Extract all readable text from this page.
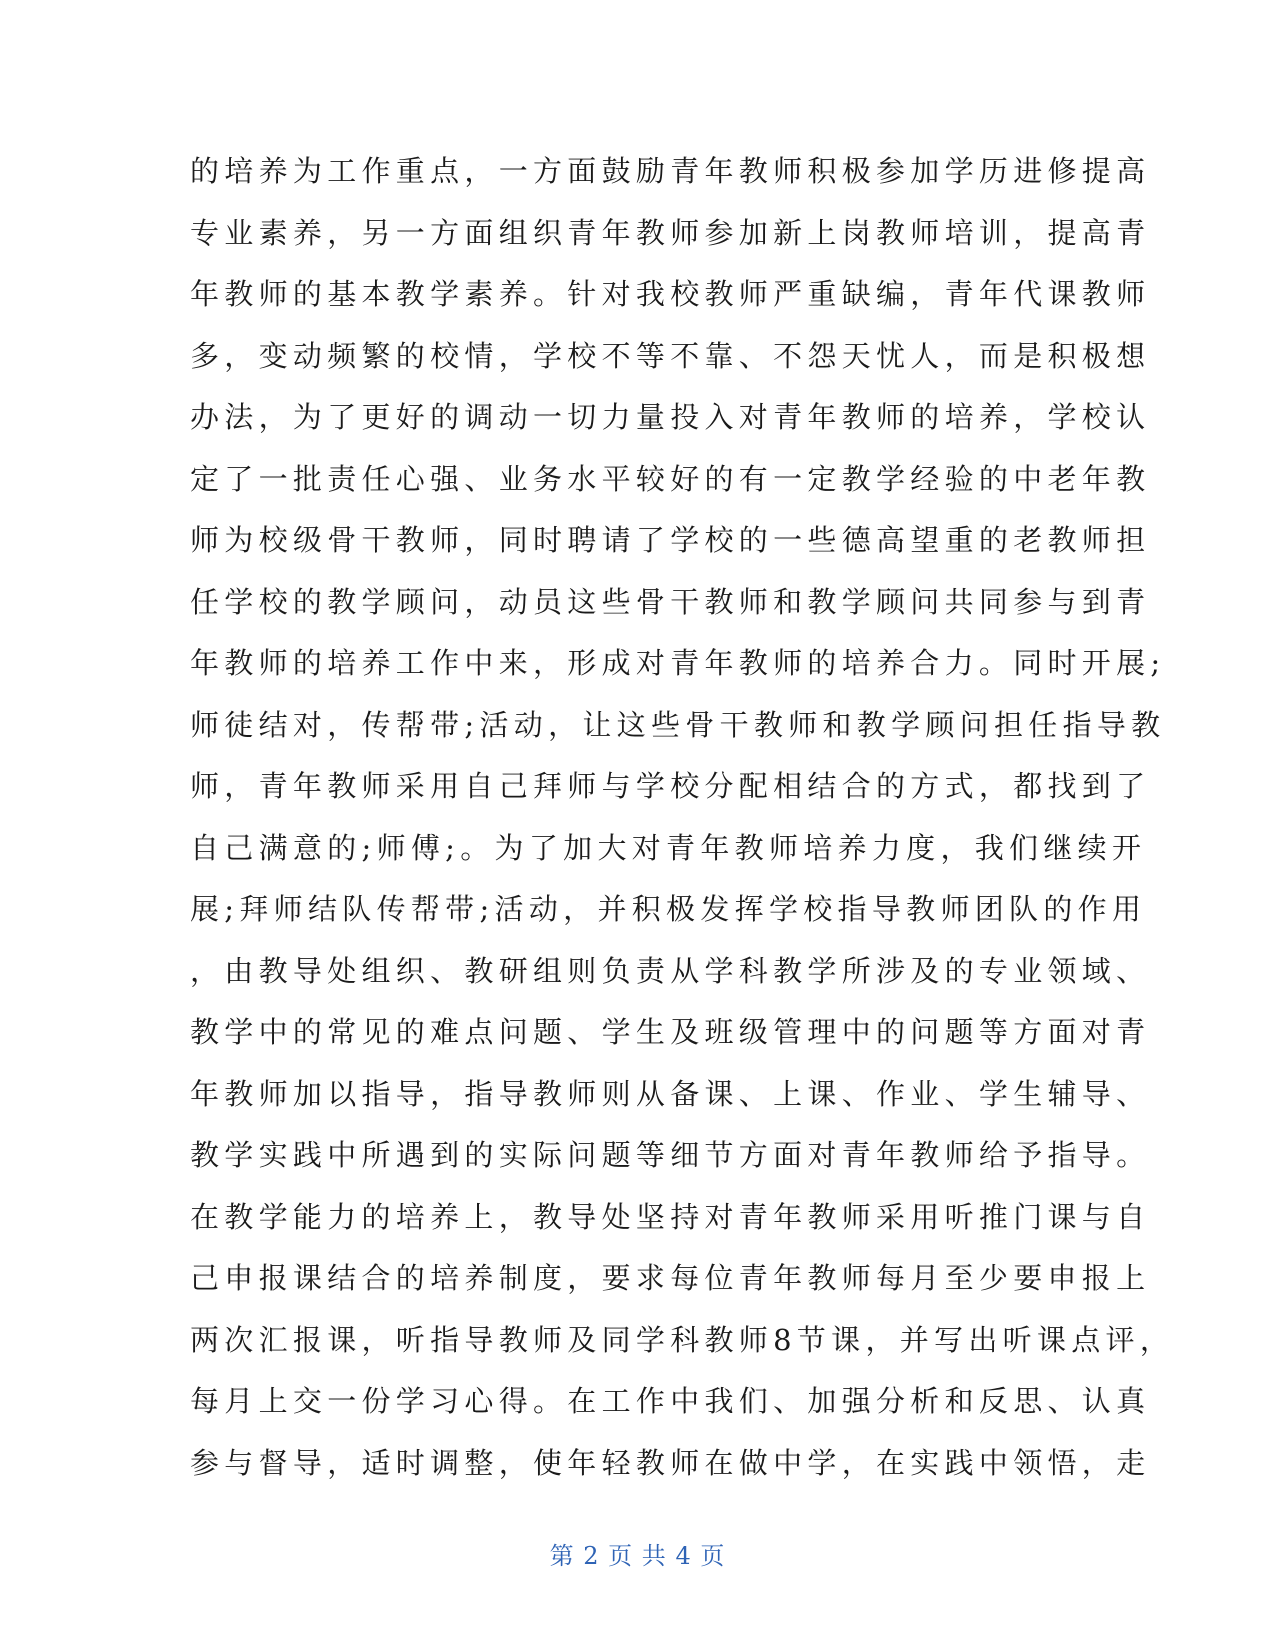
的培养为工作重点，一方面鼓励青年教师积极参加学历进修提高
专业素养，另一方面组织青年教师参加新上岗教师培训，提高青
年教师的基本教学素养。针对我校教师严重缺编，青年代课教师
多，变动频繁的校情，学校不等不靠、不怨天忧人，而是积极想
办法，为了更好的调动一切力量投入对青年教师的培养，学校认
定了一批责任心强、业务水平较好的有一定教学经验的中老年教
师为校级骨干教师，同时聘请了学校的一些德高望重的老教师担
任学校的教学顾问，动员这些骨干教师和教学顾问共同参与到青
年教师的培养工作中来，形成对青年教师的培养合力。同时开展;
师徒结对，传帮带;活动，让这些骨干教师和教学顾问担任指导教
师，青年教师采用自己拜师与学校分配相结合的方式，都找到了
自己满意的;师傅;。为了加大对青年教师培养力度，我们继续开
展;拜师结队传帮带;活动，并积极发挥学校指导教师团队的作用
，由教导处组织、教研组则负责从学科教学所涉及的专业领域、
教学中的常见的难点问题、学生及班级管理中的问题等方面对青
年教师加以指导，指导教师则从备课、上课、作业、学生辅导、
教学实践中所遇到的实际问题等细节方面对青年教师给予指导。
在教学能力的培养上，教导处坚持对青年教师采用听推门课与自
己申报课结合的培养制度，要求每位青年教师每月至少要申报上
两次汇报课，听指导教师及同学科教师8节课，并写出听课点评，
每月上交一份学习心得。在工作中我们、加强分析和反思、认真
参与督导，适时调整，使年轻教师在做中学，在实践中领悟，走
第 2 页 共 4 页
